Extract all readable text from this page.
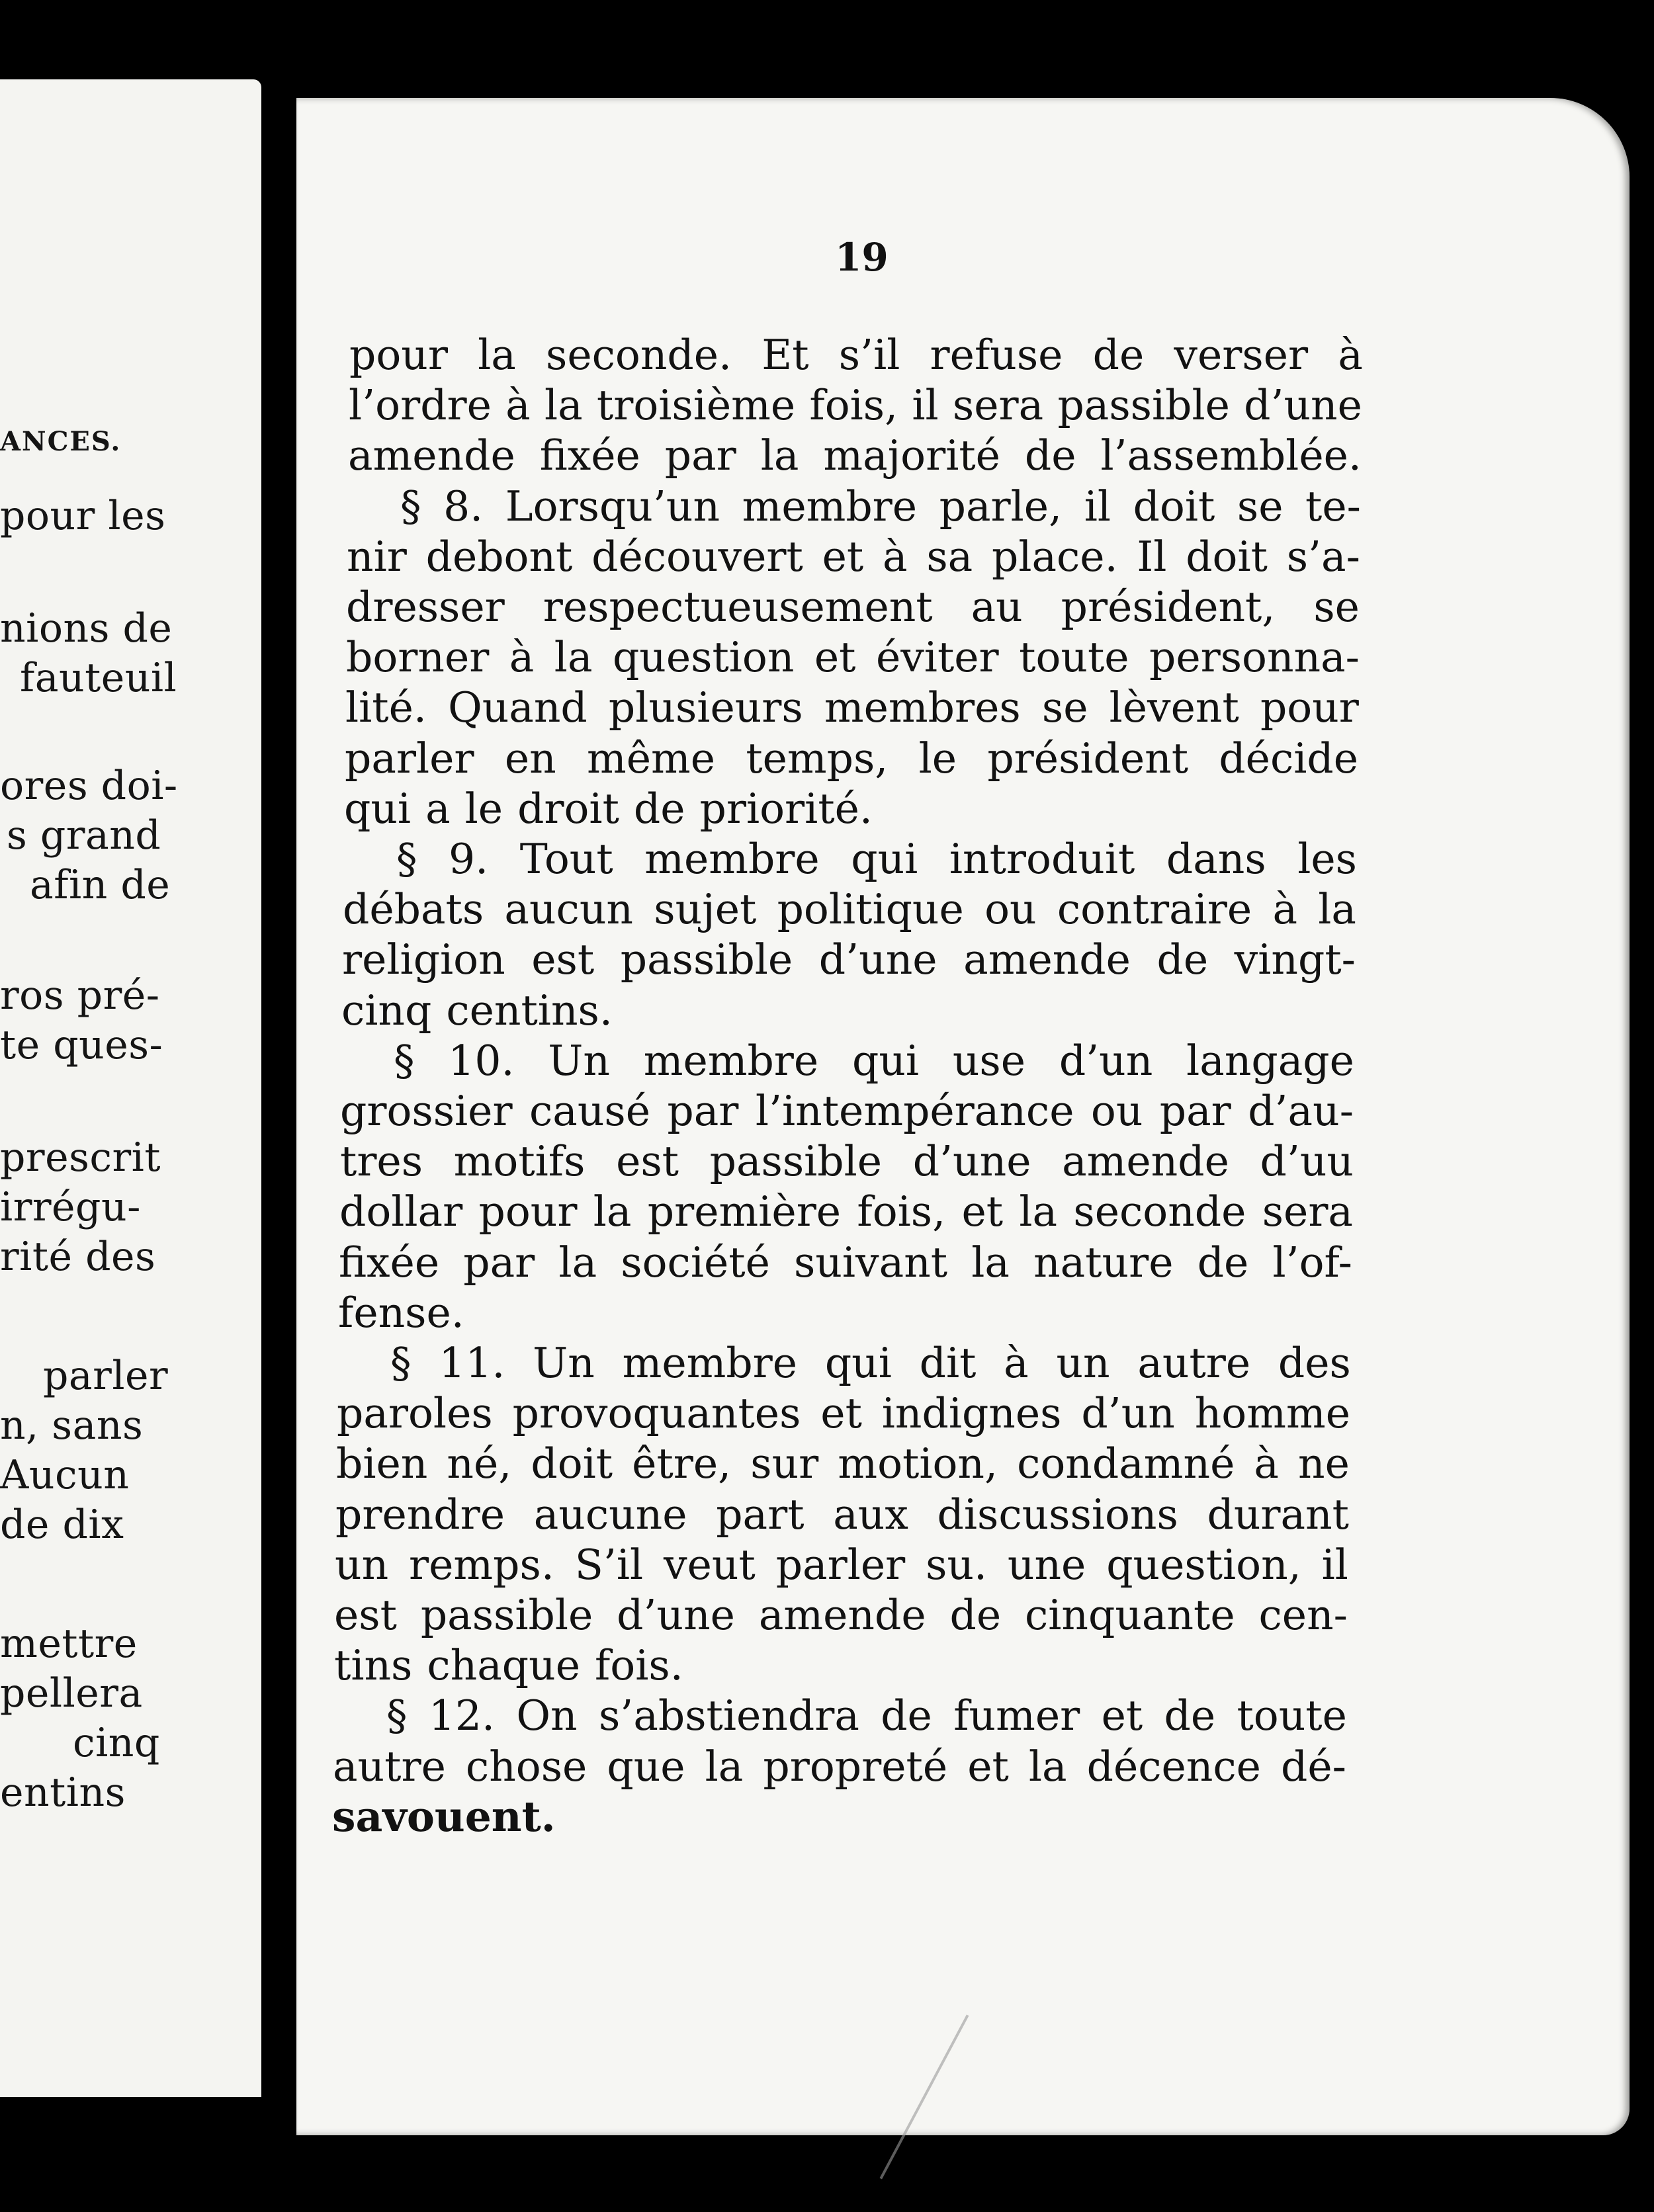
ANCES.
pour les
nions de
fauteuil
ores doi-
s grand
afin de
ros pré-
te ques-
prescrit
irrégu-
rité des
parler
n, sans
Aucun
de dix
mettre
pellera
cinq
entins
19
pour la seconde. Et s’il refuse de verser à
l’ordre à la troisième fois, il sera passible d’une
amende fixée par la majorité de l’assemblée.
§ 8. Lorsqu’un membre parle, il doit se te-
nir debont découvert et à sa place. Il doit s’a-
dresser respectueusement au président, se
borner à la question et éviter toute personna-
lité. Quand plusieurs membres se lèvent pour
parler en même temps, le président décide
qui a le droit de priorité.
§ 9. Tout membre qui introduit dans les
débats aucun sujet politique ou contraire à la
religion est passible d’une amende de vingt-
cinq centins.
§ 10. Un membre qui use d’un langage
grossier causé par l’intempérance ou par d’au-
tres motifs est passible d’une amende d’uu
dollar pour la première fois, et la seconde sera
fixée par la société suivant la nature de l’of-
fense.
§ 11. Un membre qui dit à un autre des
paroles provoquantes et indignes d’un homme
bien né, doit être, sur motion, condamné à ne
prendre aucune part aux discussions durant
un remps. S’il veut parler su. une question, il
est passible d’une amende de cinquante cen-
tins chaque fois.
§ 12. On s’abstiendra de fumer et de toute
autre chose que la propreté et la décence dé-
savouent.
